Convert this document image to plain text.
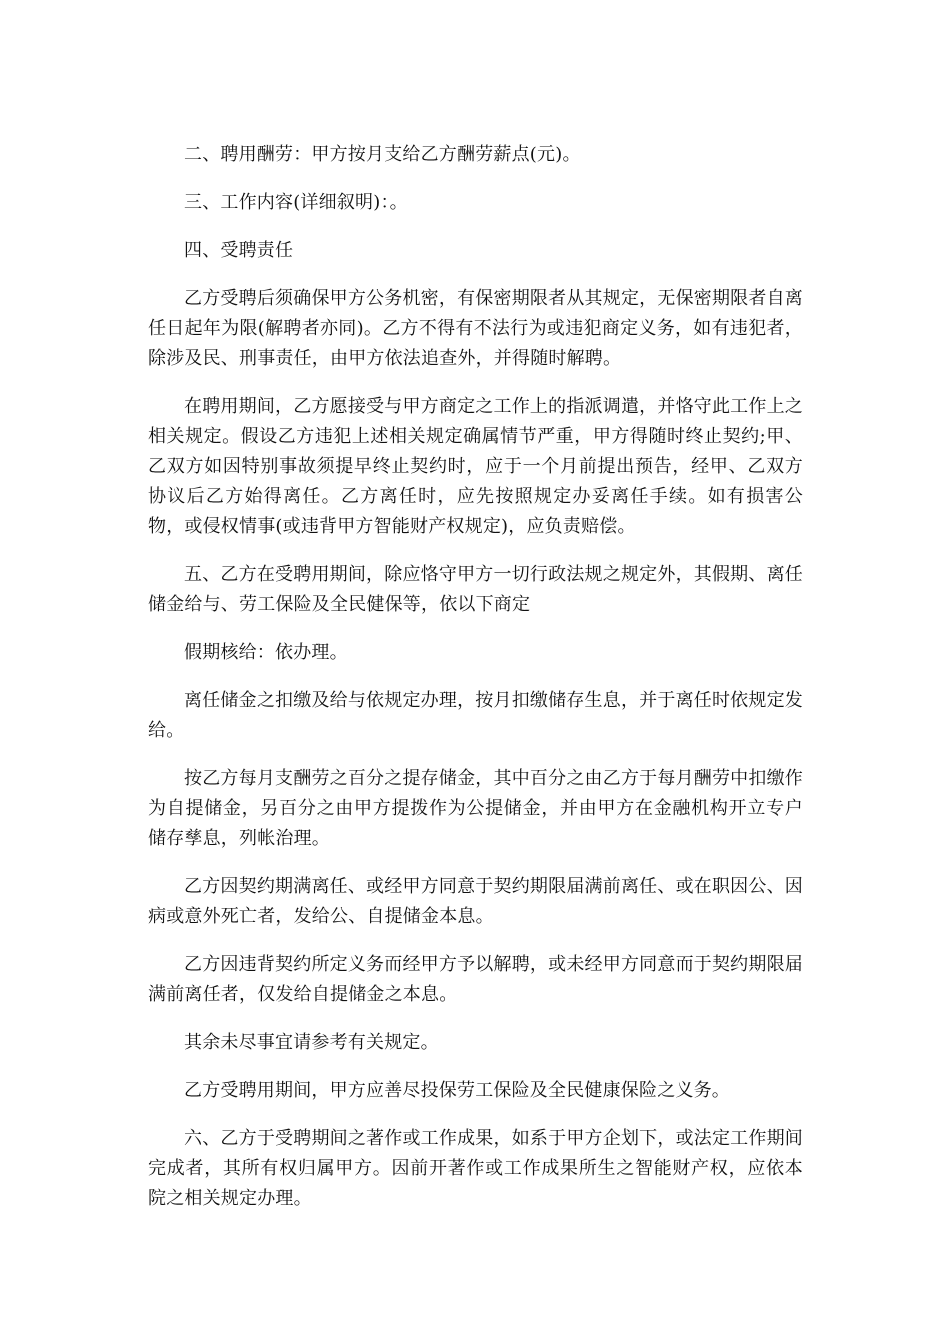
二、聘用酬劳：甲方按月支给乙方酬劳薪点(元)。

三、工作内容(详细叙明)：。

四、受聘责任

乙方受聘后须确保甲方公务机密，有保密期限者从其规定，无保密期限者自离任日起年为限(解聘者亦同)。乙方不得有不法行为或违犯商定义务，如有违犯者，除涉及民、刑事责任，由甲方依法追查外，并得随时解聘。

在聘用期间，乙方愿接受与甲方商定之工作上的指派调遣，并恪守此工作上之相关规定。假设乙方违犯上述相关规定确属情节严重，甲方得随时终止契约;甲、乙双方如因特别事故须提早终止契约时，应于一个月前提出预告，经甲、乙双方协议后乙方始得离任。乙方离任时，应先按照规定办妥离任手续。如有损害公物，或侵权情事(或违背甲方智能财产权规定)，应负责赔偿。

五、乙方在受聘用期间，除应恪守甲方一切行政法规之规定外，其假期、离任储金给与、劳工保险及全民健保等，依以下商定

假期核给：依办理。

离任储金之扣缴及给与依规定办理，按月扣缴储存生息，并于离任时依规定发给。

按乙方每月支酬劳之百分之提存储金，其中百分之由乙方于每月酬劳中扣缴作为自提储金，另百分之由甲方提拨作为公提储金，并由甲方在金融机构开立专户储存孳息，列帐治理。

乙方因契约期满离任、或经甲方同意于契约期限届满前离任、或在职因公、因病或意外死亡者，发给公、自提储金本息。

乙方因违背契约所定义务而经甲方予以解聘，或未经甲方同意而于契约期限届满前离任者，仅发给自提储金之本息。

其余未尽事宜请参考有关规定。

乙方受聘用期间，甲方应善尽投保劳工保险及全民健康保险之义务。

六、乙方于受聘期间之著作或工作成果，如系于甲方企划下，或法定工作期间完成者，其所有权归属甲方。因前开著作或工作成果所生之智能财产权，应依本院之相关规定办理。
